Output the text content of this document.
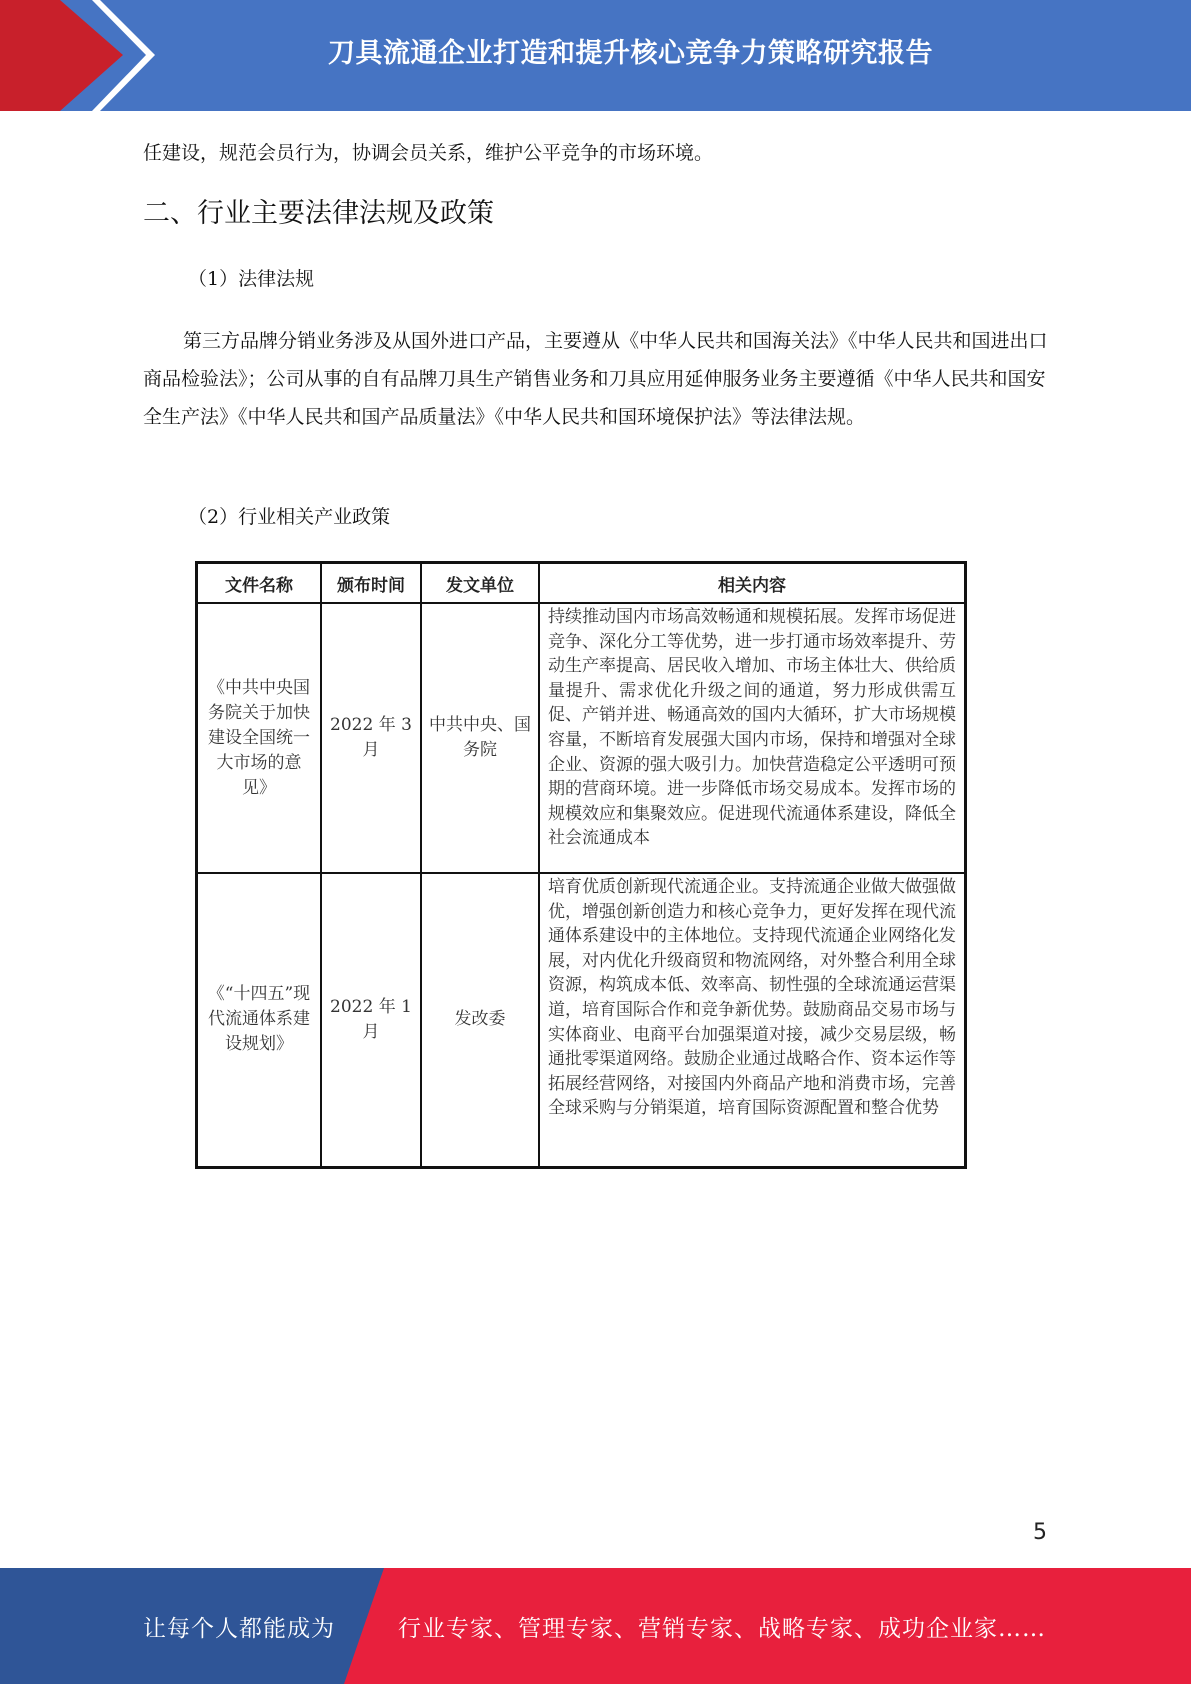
刀具流通企业打造和提升核心竞争力策略研究报告

任建设，规范会员行为，协调会员关系，维护公平竞争的市场环境。

二、行业主要法律法规及政策
（1）法律法规

第三方品牌分销业务涉及从国外进口产品，主要遵从《中华人民共和国海关法》《中华人民共和国进出口商品检验法》；公司从事的自有品牌刀具生产销售业务和刀具应用延伸服务业务主要遵循《中华人民共和国安全生产法》《中华人民共和国产品质量法》《中华人民共和国环境保护法》等法律法规。

（2）行业相关产业政策
文件名称	颁布时间	发文单位	相关内容
《中共中央国务院关于加快建设全国统一大市场的意见》	2022 年 3 月	中共中央、国务院	持续推动国内市场高效畅通和规模拓展。发挥市场促进竞争、深化分工等优势，进一步打通市场效率提升、劳动生产率提高、居民收入增加、市场主体壮大、供给质量提升、需求优化升级之间的通道，努力形成供需互促、产销并进、畅通高效的国内大循环，扩大市场规模容量，不断培育发展强大国内市场，保持和增强对全球企业、资源的强大吸引力。加快营造稳定公平透明可预期的营商环境。进一步降低市场交易成本。发挥市场的规模效应和集聚效应。促进现代流通体系建设，降低全社会流通成本
《“十四五”现代流通体系建设规划》	2022 年 1 月	发改委	培育优质创新现代流通企业。支持流通企业做大做强做优，增强创新创造力和核心竞争力，更好发挥在现代流通体系建设中的主体地位。支持现代流通企业网络化发展，对内优化升级商贸和物流网络，对外整合利用全球资源，构筑成本低、效率高、韧性强的全球流通运营渠道，培育国际合作和竞争新优势。鼓励商品交易市场与实体商业、电商平台加强渠道对接，减少交易层级，畅通批零渠道网络。鼓励企业通过战略合作、资本运作等拓展经营网络，对接国内外商品产地和消费市场，完善全球采购与分销渠道，培育国际资源配置和整合优势
5
让每个人都能成为	行业专家、管理专家、营销专家、战略专家、成功企业家……
